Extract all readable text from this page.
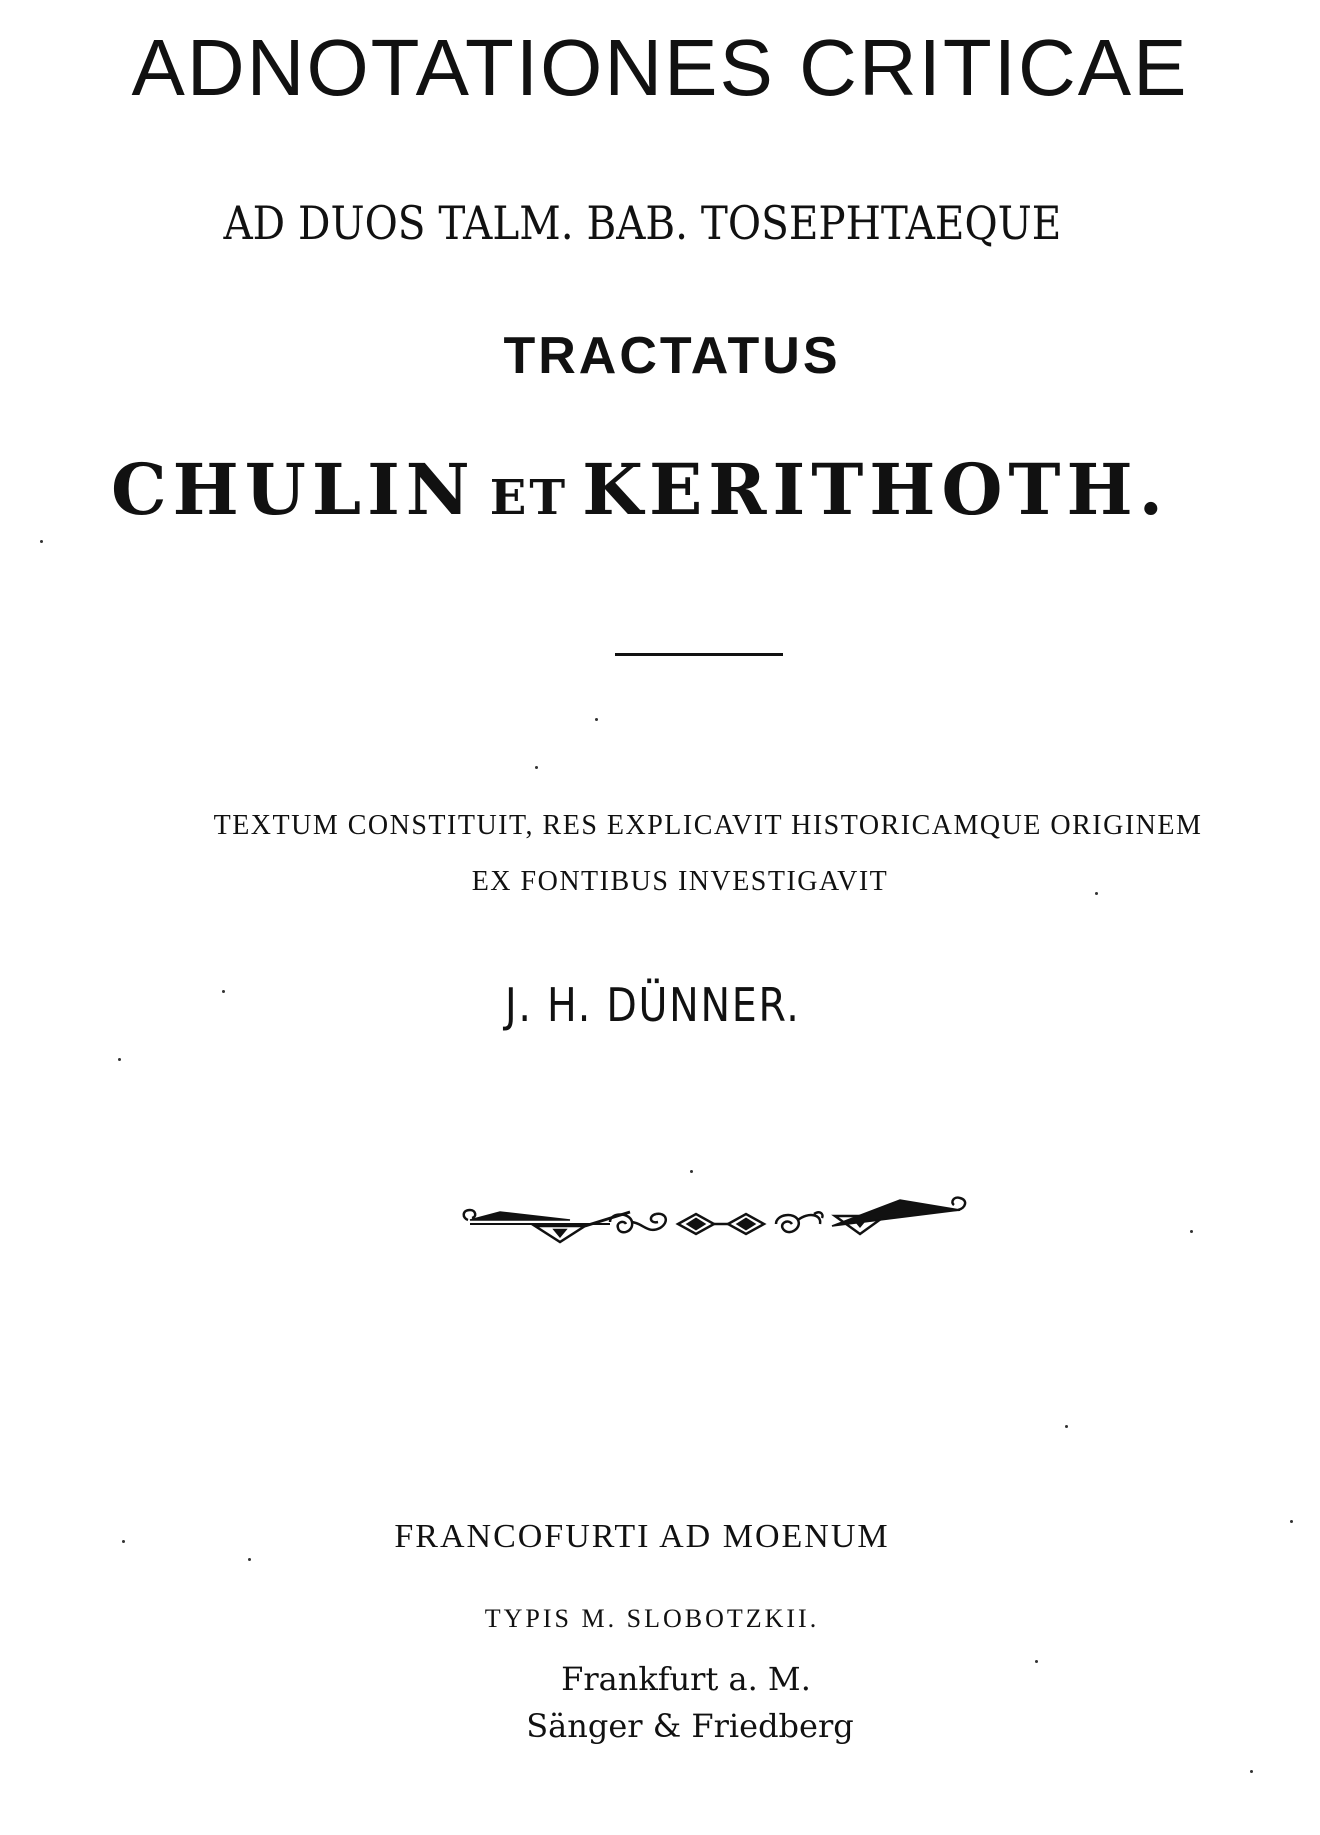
ADNOTATIONES CRITICAE
AD DUOS TALM. BAB. TOSEPHTAEQUE
TRACTATUS
CHULIN ET KERITHOTH.
TEXTUM CONSTITUIT, RES EXPLICAVIT HISTORICAMQUE ORIGINEM
EX FONTIBUS INVESTIGAVIT
J. H. DÜNNER.
FRANCOFURTI AD MOENUM
TYPIS M. SLOBOTZKII.
Frankfurt a. M.
Sänger & Friedberg
